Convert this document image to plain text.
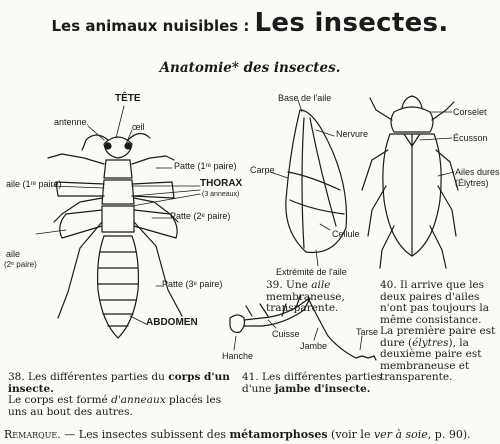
Les animaux nuisibles : Les insectes.
Anatomie* des insectes.
TÊTE
antenne.	œil
Patte (1ʳᵉ paire)
THORAX
(3 anneaux)
aile (1ʳᵉ paire)
Patte (2ᵉ paire)
aile
(2ᵉ paire)
Patte (3ᵉ paire)
ABDOMEN
Base de l'aile
Nervure
Carpe
Cellule
Extrémité de l'aile
Corselet
Écusson
Ailes dures
(Élytres)
Hanche
Cuisse
Jambe
Tarse
38. Les différentes parties du corps d'un insecte.
Le corps est formé d'anneaux placés les uns au bout des autres.
39. Une aile membraneuse, transparente.
40. Il arrive que les deux paires d'ailes n'ont pas toujours la même consistance. La première paire est dure (élytres), la deuxième paire est membraneuse et transparente.
41. Les différentes parties d'une jambe d'insecte.
Remarque. — Les insectes subissent des métamorphoses (voir le ver à soie, p. 90).
